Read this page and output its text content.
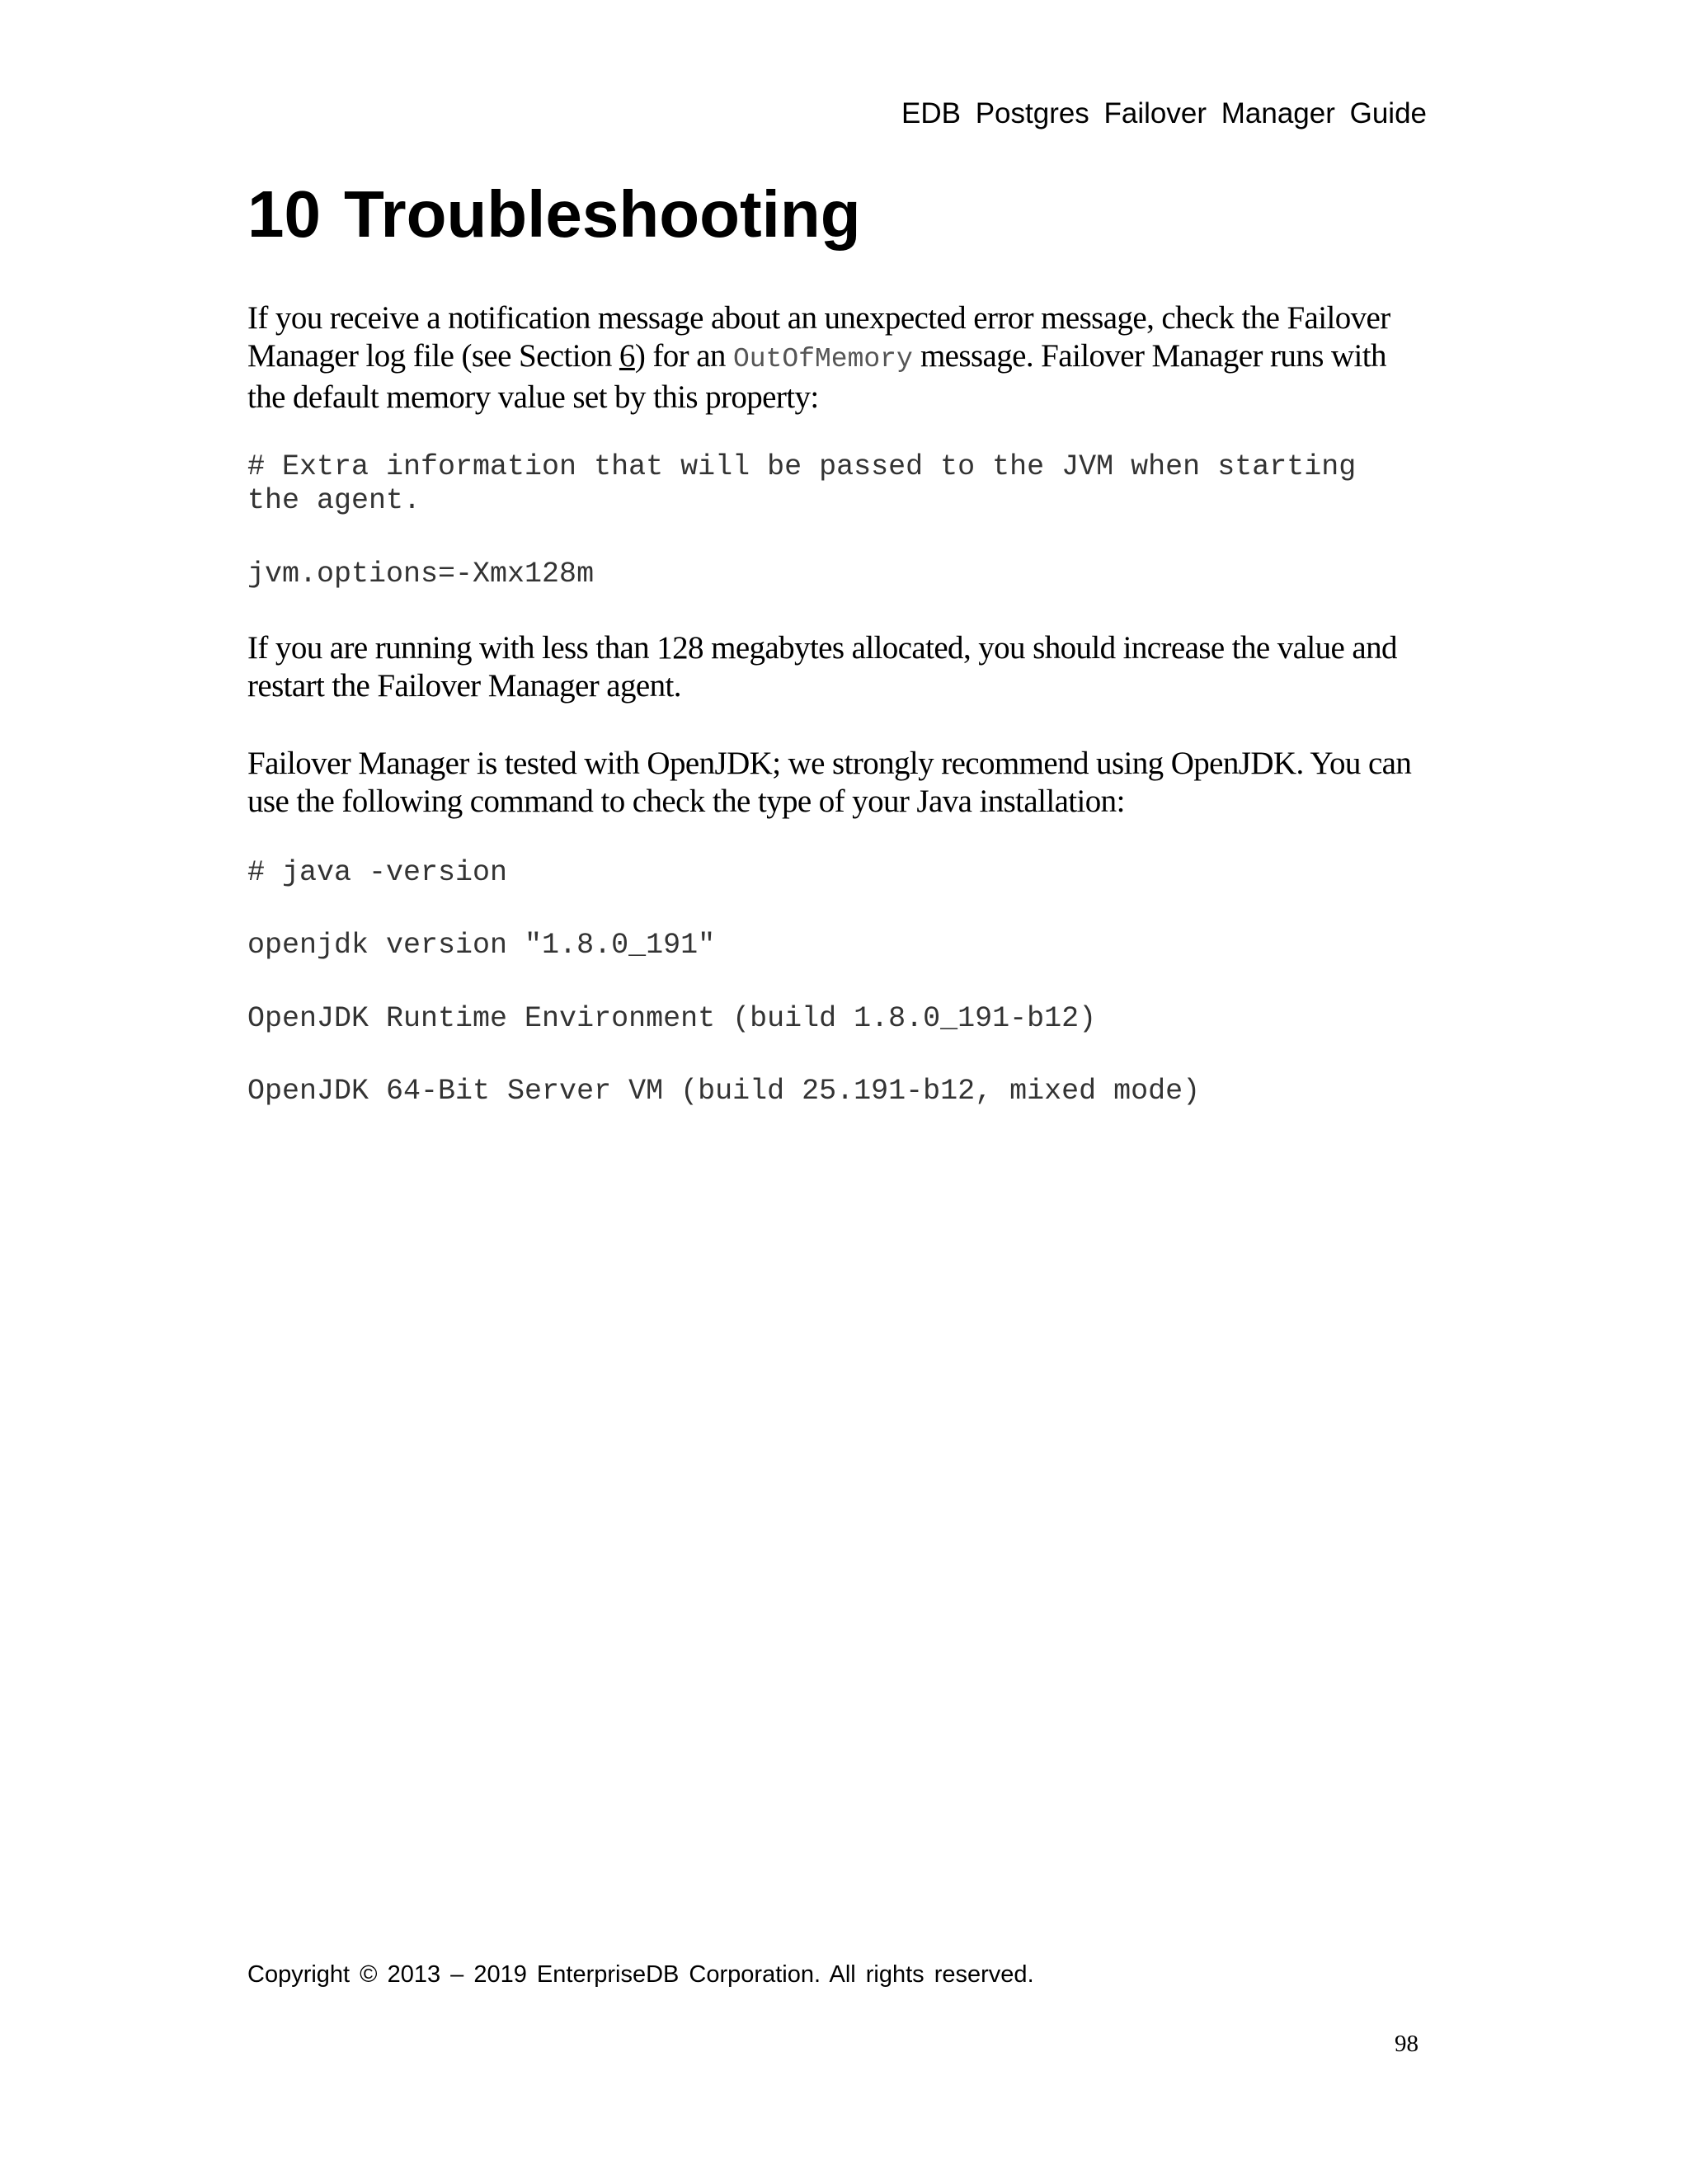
EDB Postgres Failover Manager Guide
10 Troubleshooting

If you receive a notification message about an unexpected error message, check the Failover Manager log file (see Section 6) for an OutOfMemory message. Failover Manager runs with the default memory value set by this property:

# Extra information that will be passed to the JVM when starting
the agent.
jvm.options=-Xmx128m

If you are running with less than 128 megabytes allocated, you should increase the value and restart the Failover Manager agent.

Failover Manager is tested with OpenJDK; we strongly recommend using OpenJDK. You can use the following command to check the type of your Java installation:

# java -version
openjdk version "1.8.0_191"
OpenJDK Runtime Environment (build 1.8.0_191-b12)
OpenJDK 64-Bit Server VM (build 25.191-b12, mixed mode)
Copyright © 2013 – 2019 EnterpriseDB Corporation. All rights reserved.
98
